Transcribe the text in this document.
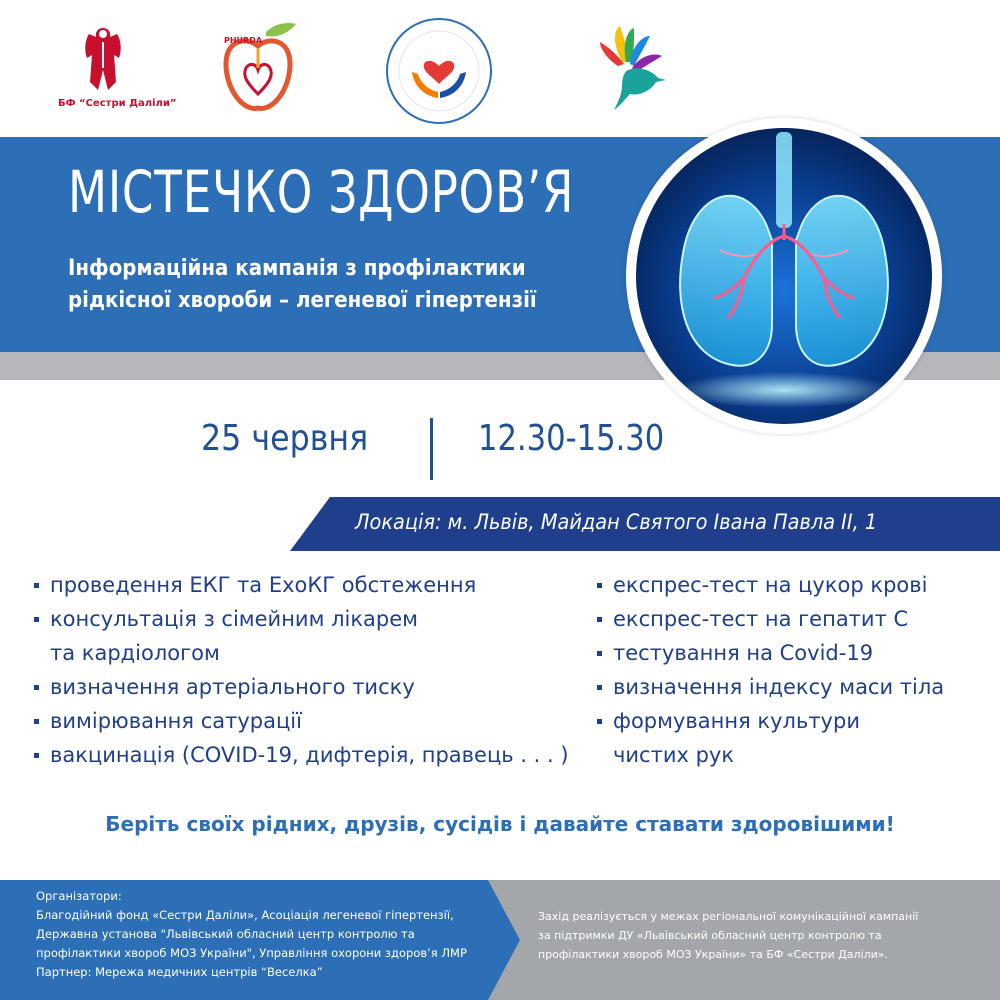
БФ “Сестри Даліли”
PHURDA
МІСТЕЧКО ЗДОРОВ’Я
Інформаційна кампанія з профілактики
рідкісної хвороби – легеневої гіпертензії
25 червня	12.30-15.30
Локація: м. Львів, Майдан Святого Івана Павла ІІ, 1
проведення ЕКГ та ЕхоКГ обстеження
консультація з сімейним лікарем
та кардіологом
визначення артеріального тиску
вимірювання сатурації
вакцинація (COVID-19, дифтерія, правець . . . )
експрес-тест на цукор крові
експрес-тест на гепатит С
тестування на Covid-19
визначення індексу маси тіла
формування культури
чистих рук
Беріть своїх рідних, друзів, сусідів і давайте ставати здоровішими!
Організатори:
Благодійний фонд «Сестри Даліли», Асоціація легеневої гіпертензії,
Державна установа "Львівський обласний центр контролю та
профілактики хвороб МОЗ України", Управління охорони здоров’я ЛМР
Партнер: Мережа медичних центрів “Веселка”
Захід реалізується у межах регіональної комунікаційної кампанії
за підтримки ДУ «Львівський обласний центр контролю та
профілактики хвороб МОЗ України» та БФ «Сестри Даліли».
